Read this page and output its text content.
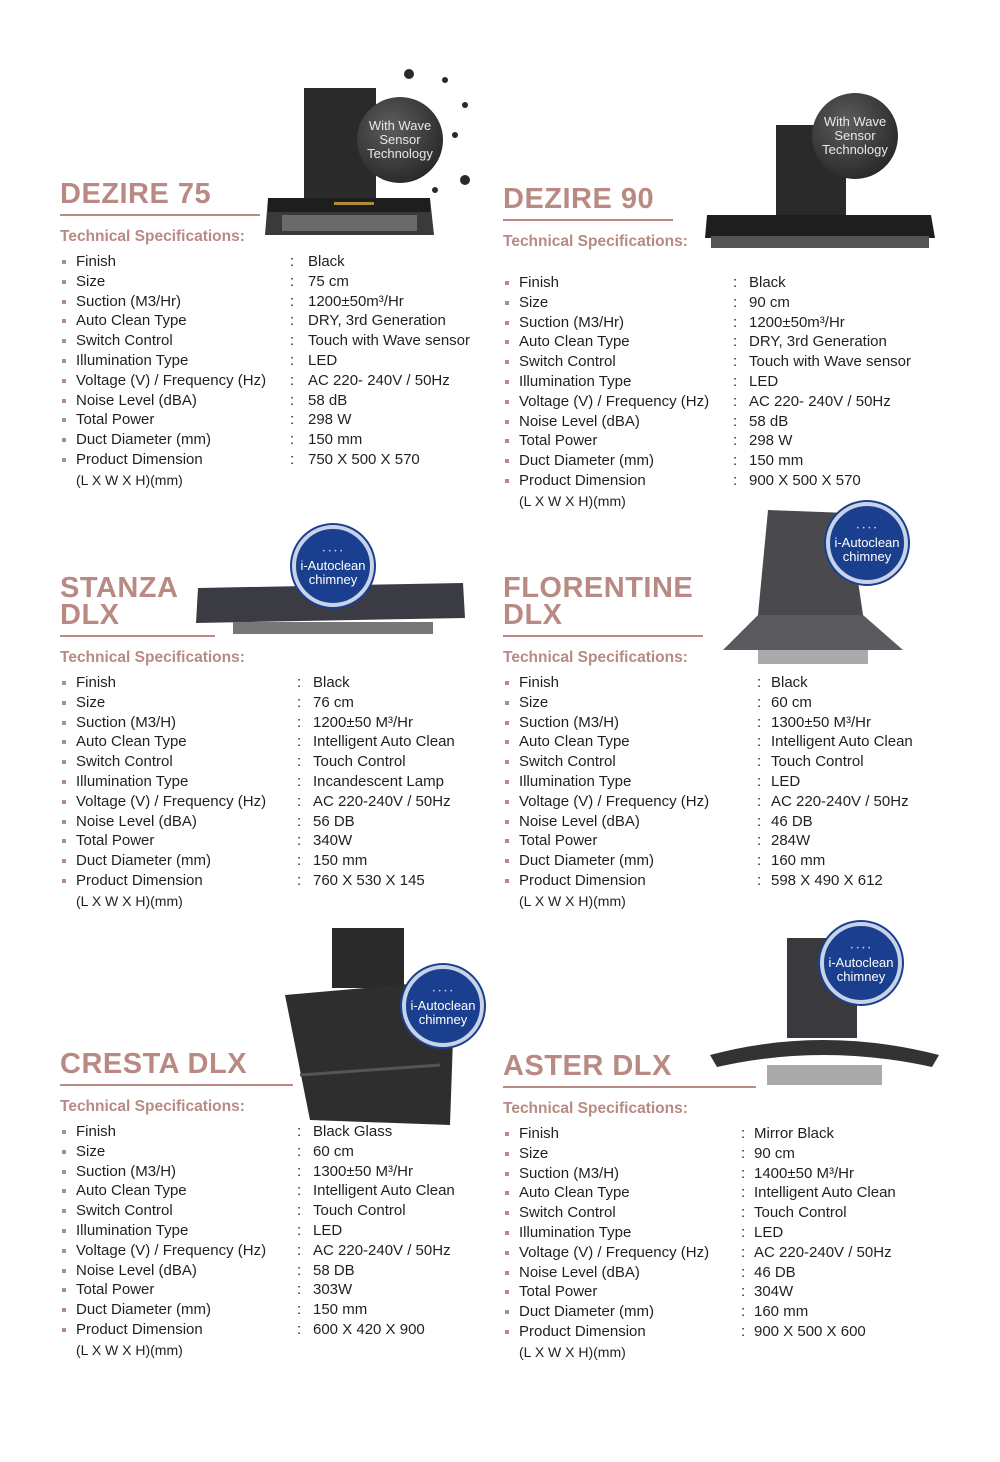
With Wave Sensor Technology
With Wave Sensor Technology
• • • •
i-Autoclean
chimney
• • • •
i-Autoclean
chimney
• • • •
i-Autoclean
chimney
• • • •
i-Autoclean
chimney
DEZIRE 75
Technical Specifications:
Finish	: Black
Size	: 75 cm
Suction (M3/Hr)	: 1200±50m³/Hr
Auto Clean Type	: DRY, 3rd Generation
Switch Control	: Touch with Wave sensor
Illumination Type	: LED
Voltage (V) / Frequency (Hz) : AC 220- 240V / 50Hz
Noise Level (dBA)	: 58 dB
Total Power	: 298 W
Duct Diameter (mm)	: 150 mm
Product Dimension	: 750 X 500 X 570
(L X W X H)(mm)
DEZIRE 90
Technical Specifications:
Finish	: Black
Size	: 90 cm
Suction (M3/Hr)	: 1200±50m³/Hr
Auto Clean Type	: DRY, 3rd Generation
Switch Control	: Touch with Wave sensor
Illumination Type	: LED
Voltage (V) / Frequency (Hz) : AC 220- 240V / 50Hz
Noise Level (dBA)	: 58 dB
Total Power	: 298 W
Duct Diameter (mm)	: 150 mm
Product Dimension	: 900 X 500 X 570
(L X W X H)(mm)
STANZA
DLX
Technical Specifications:
Finish	: Black
Size	: 76 cm
Suction (M3/H)	: 1200±50 M³/Hr
Auto Clean Type	: Intelligent Auto Clean
Switch Control	: Touch Control
Illumination Type	: Incandescent Lamp
Voltage (V) / Frequency (Hz) : AC 220-240V / 50Hz
Noise Level (dBA)	: 56 DB
Total Power	: 340W
Duct Diameter (mm)	: 150 mm
Product Dimension	: 760 X 530 X 145
(L X W X H)(mm)
FLORENTINE
DLX
Technical Specifications:
Finish	: Black
Size	: 60 cm
Suction (M3/H)	: 1300±50 M³/Hr
Auto Clean Type	: Intelligent Auto Clean
Switch Control	: Touch Control
Illumination Type	: LED
Voltage (V) / Frequency (Hz)	: AC 220-240V / 50Hz
Noise Level (dBA)	: 46 DB
Total Power	: 284W
Duct Diameter (mm)	: 160 mm
Product Dimension	: 598 X 490 X 612
(L X W X H)(mm)
CRESTA DLX
Technical Specifications:
Finish	: Black Glass
Size	: 60 cm
Suction (M3/H)	: 1300±50 M³/Hr
Auto Clean Type	: Intelligent Auto Clean
Switch Control	: Touch Control
Illumination Type	: LED
Voltage (V) / Frequency (Hz) : AC 220-240V / 50Hz
Noise Level (dBA)	: 58 DB
Total Power	: 303W
Duct Diameter (mm)	: 150 mm
Product Dimension	: 600 X 420 X 900
(L X W X H)(mm)
ASTER DLX
Technical Specifications:
Finish	: Mirror Black
Size	: 90 cm
Suction (M3/H)	: 1400±50 M³/Hr
Auto Clean Type	: Intelligent Auto Clean
Switch Control	: Touch Control
Illumination Type	: LED
Voltage (V) / Frequency (Hz) : AC 220-240V / 50Hz
Noise Level (dBA)	: 46 DB
Total Power	: 304W
Duct Diameter (mm)	: 160 mm
Product Dimension	: 900 X 500 X 600
(L X W X H)(mm)
